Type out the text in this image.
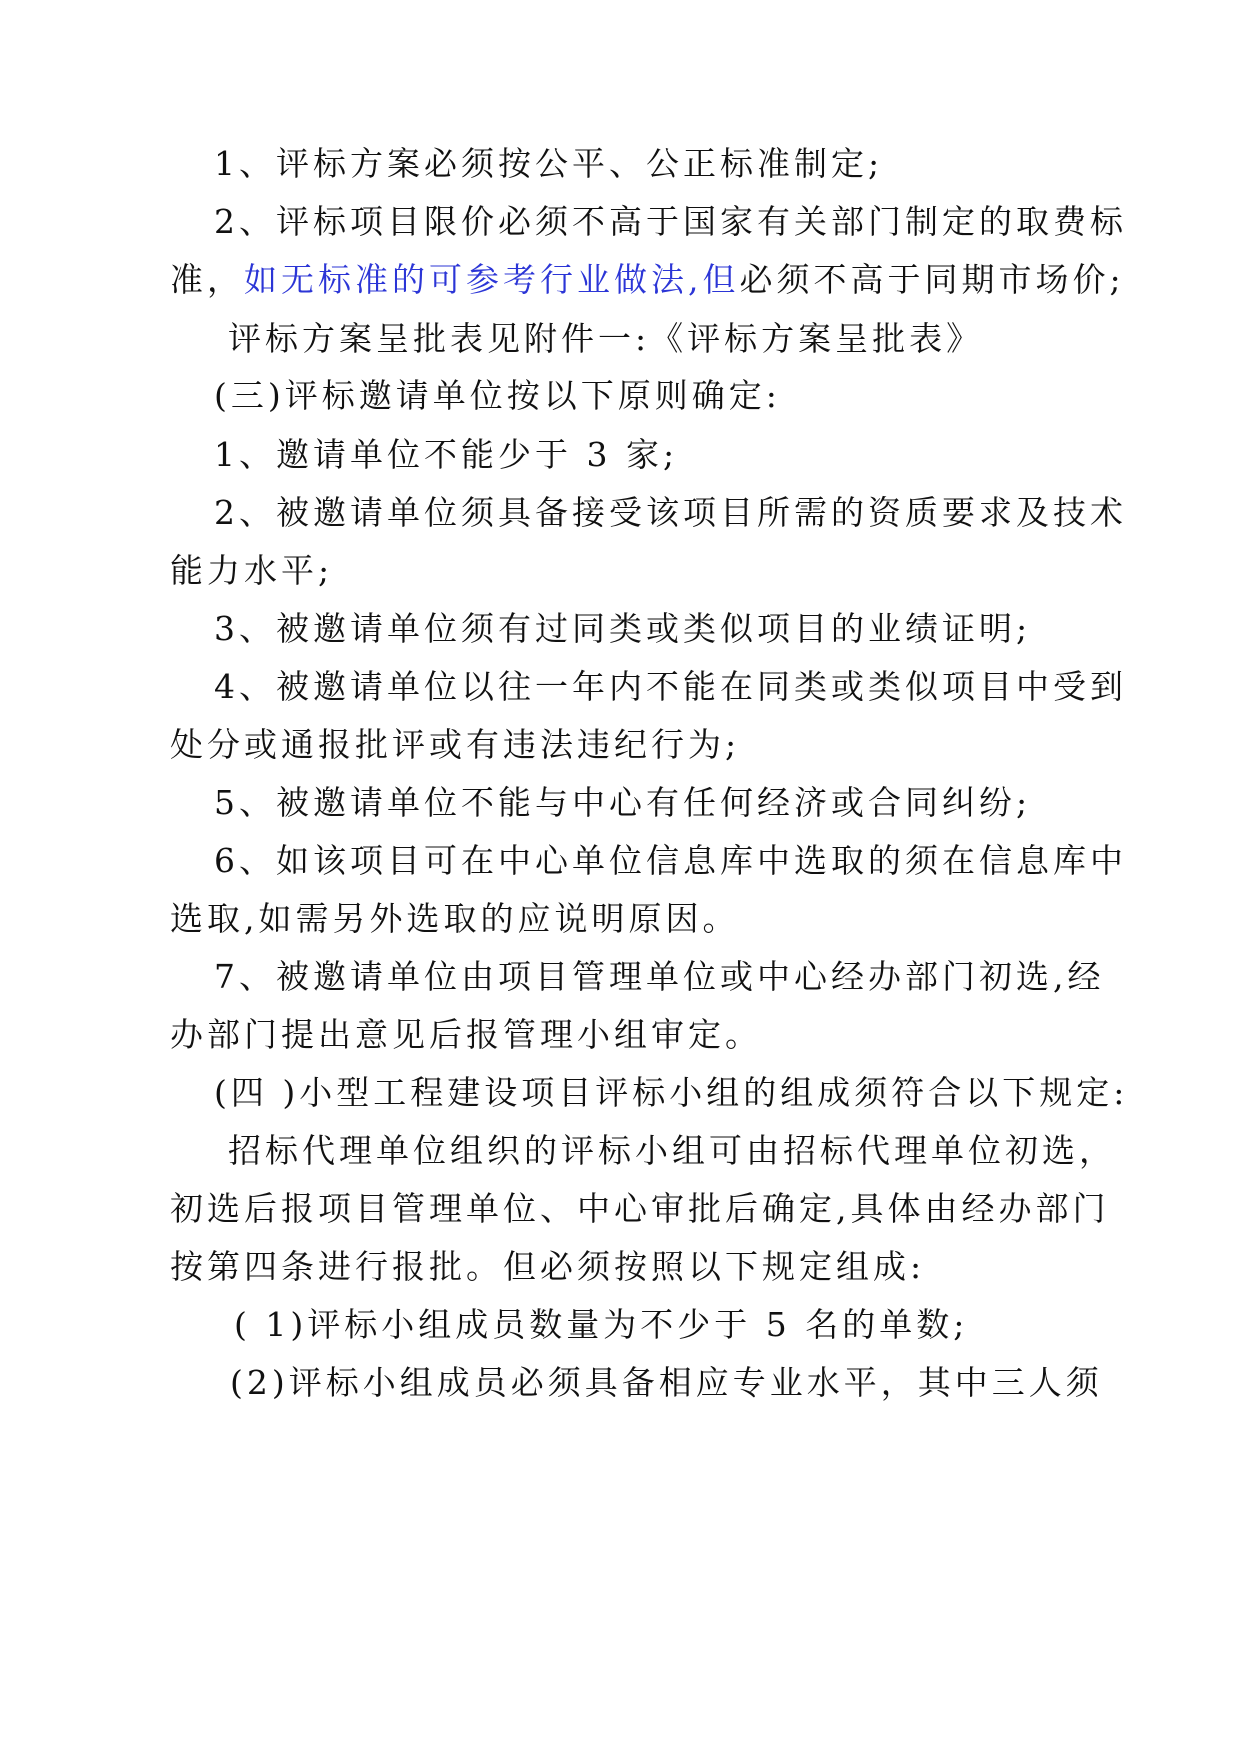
1、评标方案必须按公平、公正标准制定;
2、评标项目限价必须不高于国家有关部门制定的取费标
准，如无标准的可参考行业做法,但必须不高于同期市场价;
评标方案呈批表见附件一:《评标方案呈批表》
(三)评标邀请单位按以下原则确定:
1、邀请单位不能少于 3 家;
2、被邀请单位须具备接受该项目所需的资质要求及技术
能力水平;
3、被邀请单位须有过同类或类似项目的业绩证明;
4、被邀请单位以往一年内不能在同类或类似项目中受到
处分或通报批评或有违法违纪行为;
5、被邀请单位不能与中心有任何经济或合同纠纷;
6、如该项目可在中心单位信息库中选取的须在信息库中
选取,如需另外选取的应说明原因。
7、被邀请单位由项目管理单位或中心经办部门初选,经
办部门提出意见后报管理小组审定。
(四 )小型工程建设项目评标小组的组成须符合以下规定:
招标代理单位组织的评标小组可由招标代理单位初选，
初选后报项目管理单位、中心审批后确定,具体由经办部门
按第四条进行报批。但必须按照以下规定组成:
( 1)评标小组成员数量为不少于 5 名的单数;
(2)评标小组成员必须具备相应专业水平，其中三人须
